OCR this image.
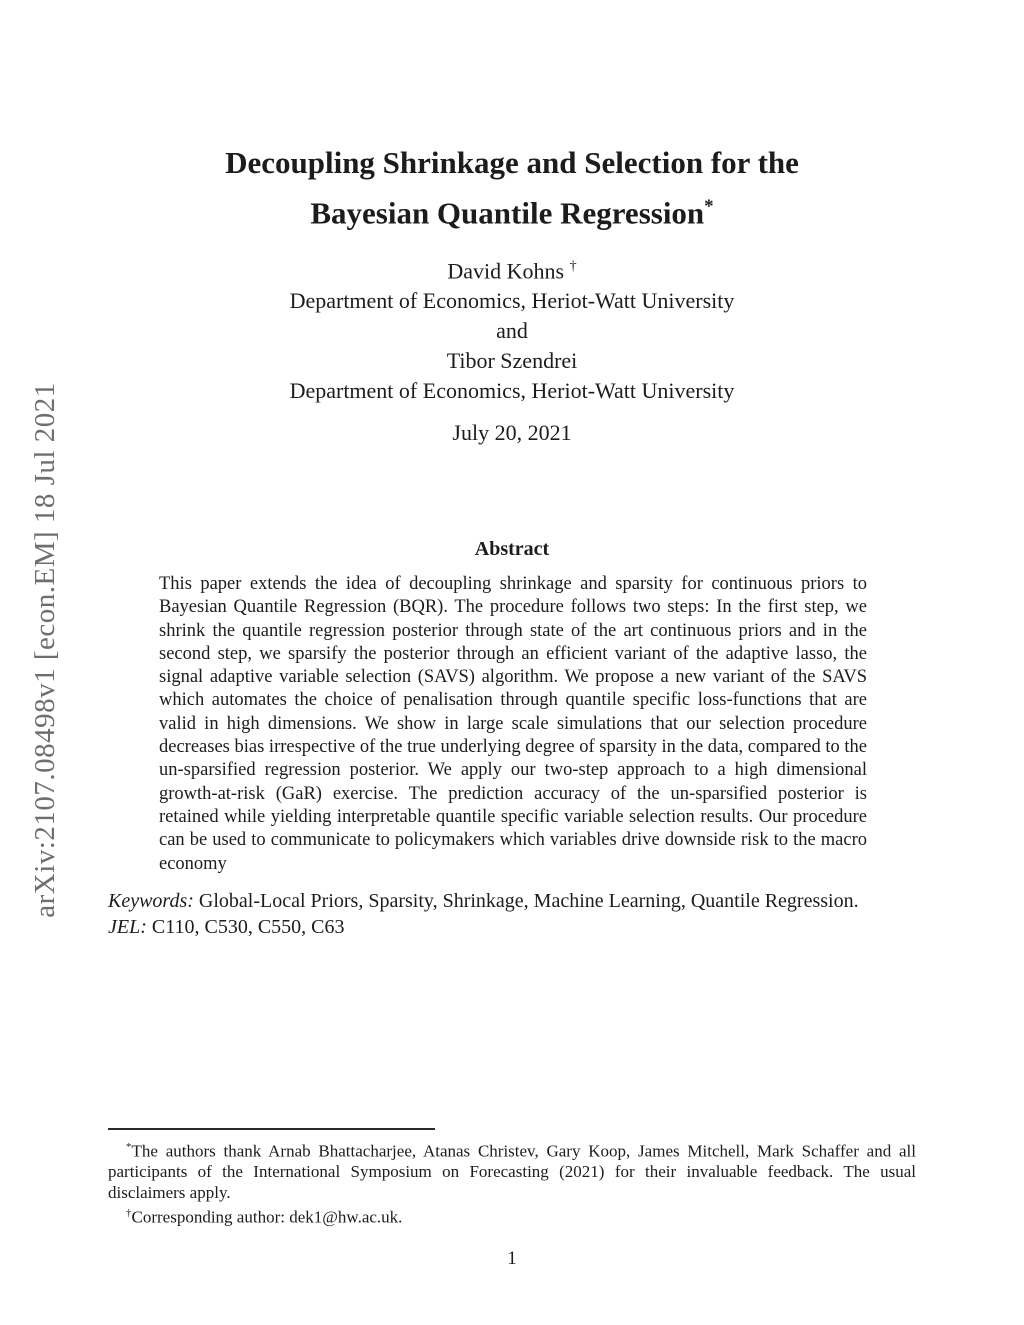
arXiv:2107.08498v1 [econ.EM] 18 Jul 2021
Decoupling Shrinkage and Selection for the
Bayesian Quantile Regression*
David Kohns †
Department of Economics, Heriot-Watt University
and
Tibor Szendrei
Department of Economics, Heriot-Watt University
July 20, 2021
Abstract
This paper extends the idea of decoupling shrinkage and sparsity for continuous priors to Bayesian Quantile Regression (BQR). The procedure follows two steps: In the first step, we shrink the quantile regression posterior through state of the art continuous priors and in the second step, we sparsify the posterior through an efficient variant of the adaptive lasso, the signal adaptive variable selection (SAVS) algorithm. We propose a new variant of the SAVS which automates the choice of penalisation through quantile specific loss-functions that are valid in high dimensions. We show in large scale simulations that our selection procedure decreases bias irrespective of the true underlying degree of sparsity in the data, compared to the un-sparsified regression posterior. We apply our two-step approach to a high dimensional growth-at-risk (GaR) exercise. The prediction accuracy of the un-sparsified posterior is retained while yielding interpretable quantile specific variable selection results. Our procedure can be used to communicate to policymakers which variables drive downside risk to the macro economy
Keywords: Global-Local Priors, Sparsity, Shrinkage, Machine Learning, Quantile Regression.
JEL: C110, C530, C550, C63

*The authors thank Arnab Bhattacharjee, Atanas Christev, Gary Koop, James Mitchell, Mark Schaffer and all participants of the International Symposium on Forecasting (2021) for their invaluable feedback. The usual disclaimers apply.

†Corresponding author: dek1@hw.ac.uk.

1
